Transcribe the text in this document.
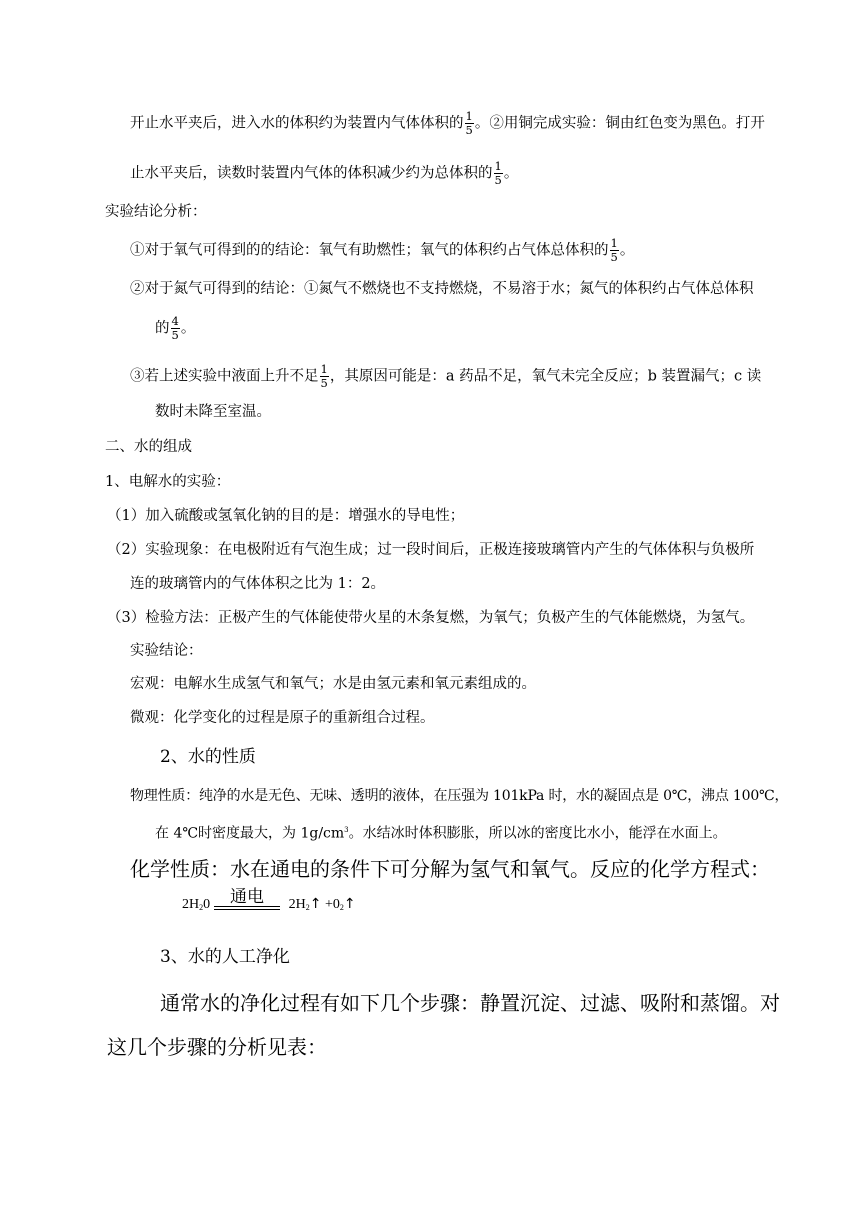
开止水平夹后，进入水的体积约为装置内气体体积的 $\frac{1}{5}$ 。②用铜完成实验：铜由红色变为黑色。打开
止水平夹后，读数时装置内气体的体积减少约为总体积的 $\frac{1}{5}$ 。
实验结论分析：
①对于氧气可得到的的结论：氧气有助燃性；氧气的体积约占气体总体积的 $\frac{1}{5}$ 。
②对于氮气可得到的结论：①氮气不燃烧也不支持燃烧，不易溶于水；氮气的体积约占气体总体积
的 $\frac{4}{5}$ 。
③若上述实验中液面上升不足 $\frac{1}{5}$ ，其原因可能是：a 药品不足，氧气未完全反应；b 装置漏气；c 读
数时未降至室温。
二、水的组成
1、电解水的实验：
（1）加入硫酸或氢氧化钠的目的是：增强水的导电性；
（2）实验现象：在电极附近有气泡生成；过一段时间后，正极连接玻璃管内产生的气体体积与负极所
连的玻璃管内的气体体积之比为 1：2。
（3）检验方法：正极产生的气体能使带火星的木条复燃，为氧气；负极产生的气体能燃烧，为氢气。
实验结论：
宏观：电解水生成氢气和氧气；水是由氢元素和氧元素组成的。
微观：化学变化的过程是原子的重新组合过程。
2、水的性质
物理性质：纯净的水是无色、无味、透明的液体，在压强为 101kPa 时，水的凝固点是 0℃，沸点 100℃，
在 4℃时密度最大，为 $1g/cm^3$。水结冰时体积膨胀，所以冰的密度比水小，能浮在水面上。
化学性质：水在通电的条件下可分解为氢气和氧气。反应的化学方程式：
$2H_20$ 通电 $2H_2↑$ $+0_2↑$
3、水的人工净化
通常水的净化过程有如下几个步骤：静置沉淀、过滤、吸附和蒸馏。对
这几个步骤的分析见表：
